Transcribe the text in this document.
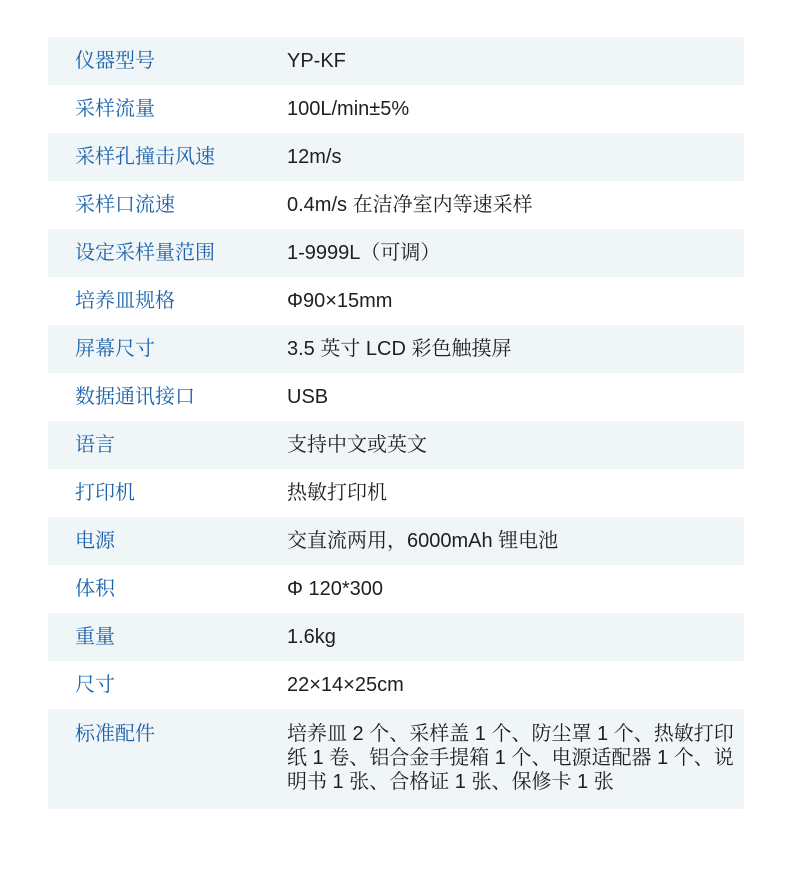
仪器型号	YP-KF
采样流量	100L/min±5%
采样孔撞击风速	12m/s
采样口流速	0.4m/s 在洁净室内等速采样
设定采样量范围	1-9999L（可调）
培养皿规格	Φ90×15mm
屏幕尺寸	3.5 英寸 LCD 彩色触摸屏
数据通讯接口	USB
语言	支持中文或英文
打印机	热敏打印机
电源	交直流两用，6000mAh 锂电池
体积	Φ 120*300
重量	1.6kg
尺寸	22×14×25cm
标准配件	培养皿 2 个、采样盖 1 个、防尘罩 1 个、热敏打印纸 1 卷、铝合金手提箱 1 个、电源适配器 1 个、说明书 1 张、合格证 1 张、保修卡 1 张
